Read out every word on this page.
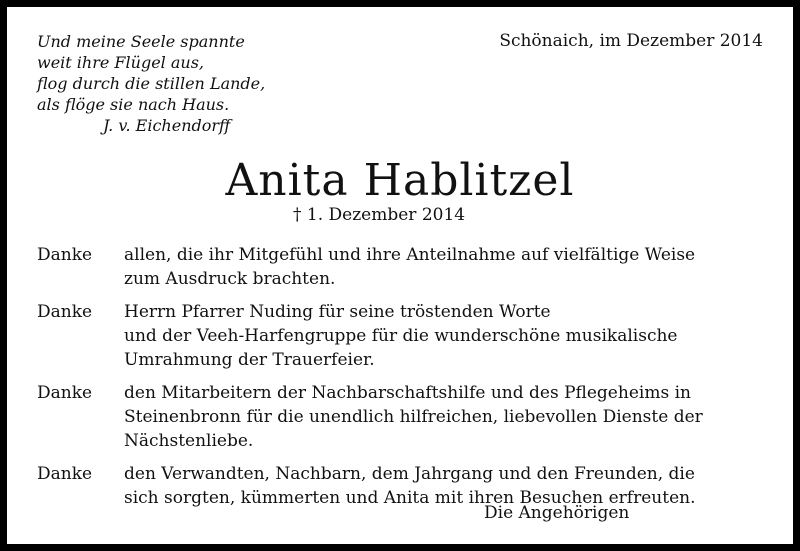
Und meine Seele spannte
weit ihre Flügel aus,
flog durch die stillen Lande,
als flöge sie nach Haus.
J. v. Eichendorff
Schönaich, im Dezember 2014
Anita Hablitzel
† 1. Dezember 2014
Danke	allen, die ihr Mitgefühl und ihre Anteilnahme auf vielfältige Weise
zum Ausdruck brachten.
Danke	Herrn Pfarrer Nuding für seine tröstenden Worte
und der Veeh-Harfengruppe für die wunderschöne musikalische
Umrahmung der Trauerfeier.
Danke	den Mitarbeitern der Nachbarschaftshilfe und des Pflegeheims in
Steinenbronn für die unendlich hilfreichen, liebevollen Dienste der
Nächstenliebe.
Danke	den Verwandten, Nachbarn, dem Jahrgang und den Freunden, die
sich sorgten, kümmerten und Anita mit ihren Besuchen erfreuten.
Die Angehörigen
